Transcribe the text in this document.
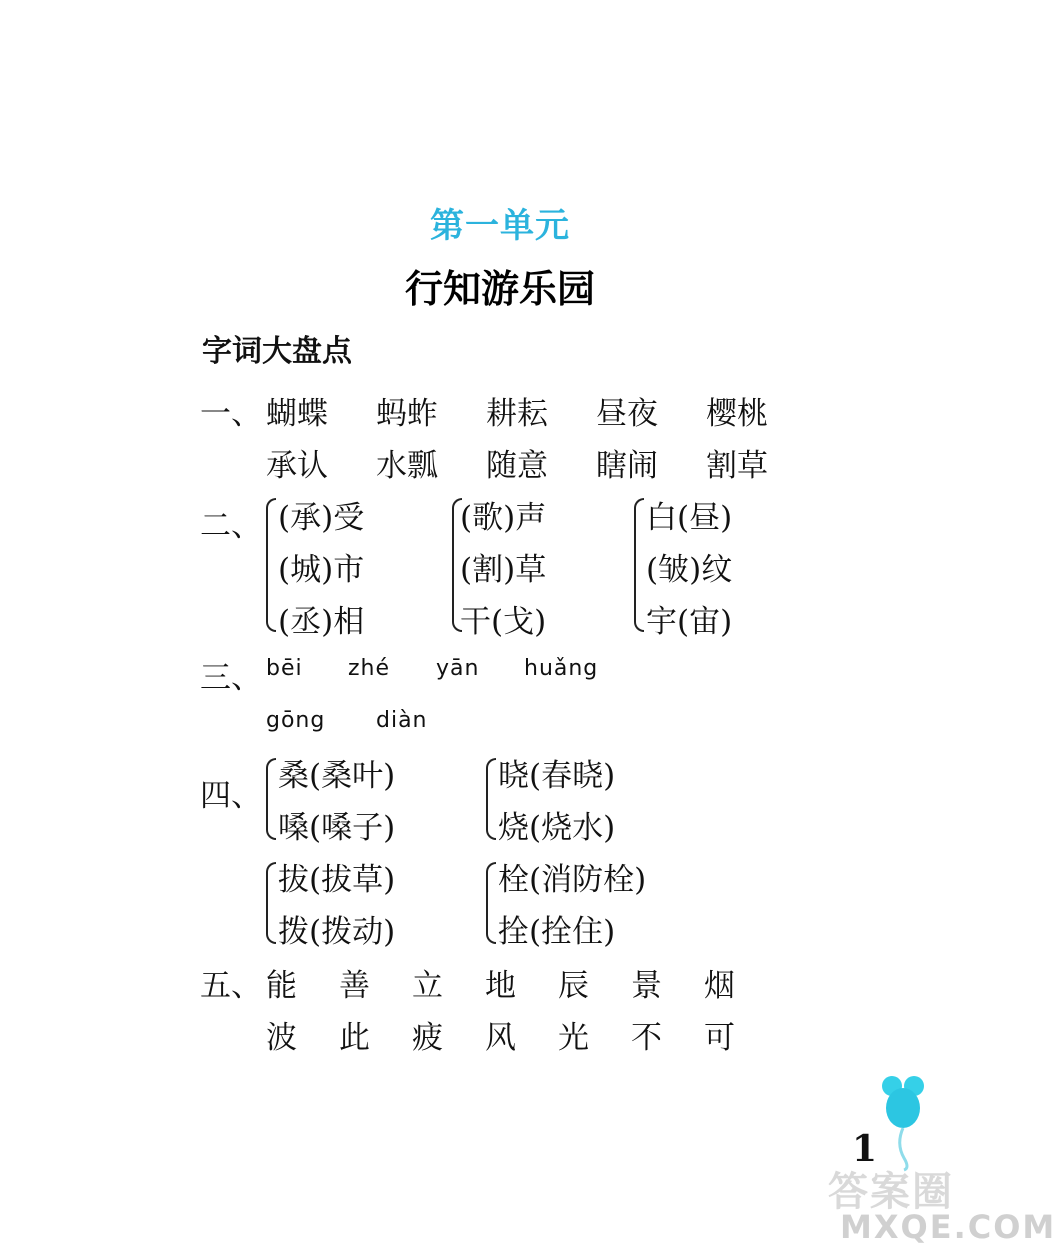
第一单元
行知游乐园
字词大盘点
一、 蝴蝶 蚂蚱 耕耘 昼夜 樱桃
承认 水瓢 随意 瞎闹 割草
二、 (承)受
(城)市
(丞)相
(歌)声
(割)草
干(戈)
白(昼)
(皱)纹
宇(宙)
三、 bēi zhé yān huǎng
gōng diàn
四、
桑(桑叶)
嗓(嗓子)
晓(春晓)
烧(烧水)
拔(拔草)
拨(拨动)
栓(消防栓)
拴(拴住)
五、 能 善 立 地 辰 景 烟
波 此 疲 风 光 不 可
1
答案圈
MXQE.COM
